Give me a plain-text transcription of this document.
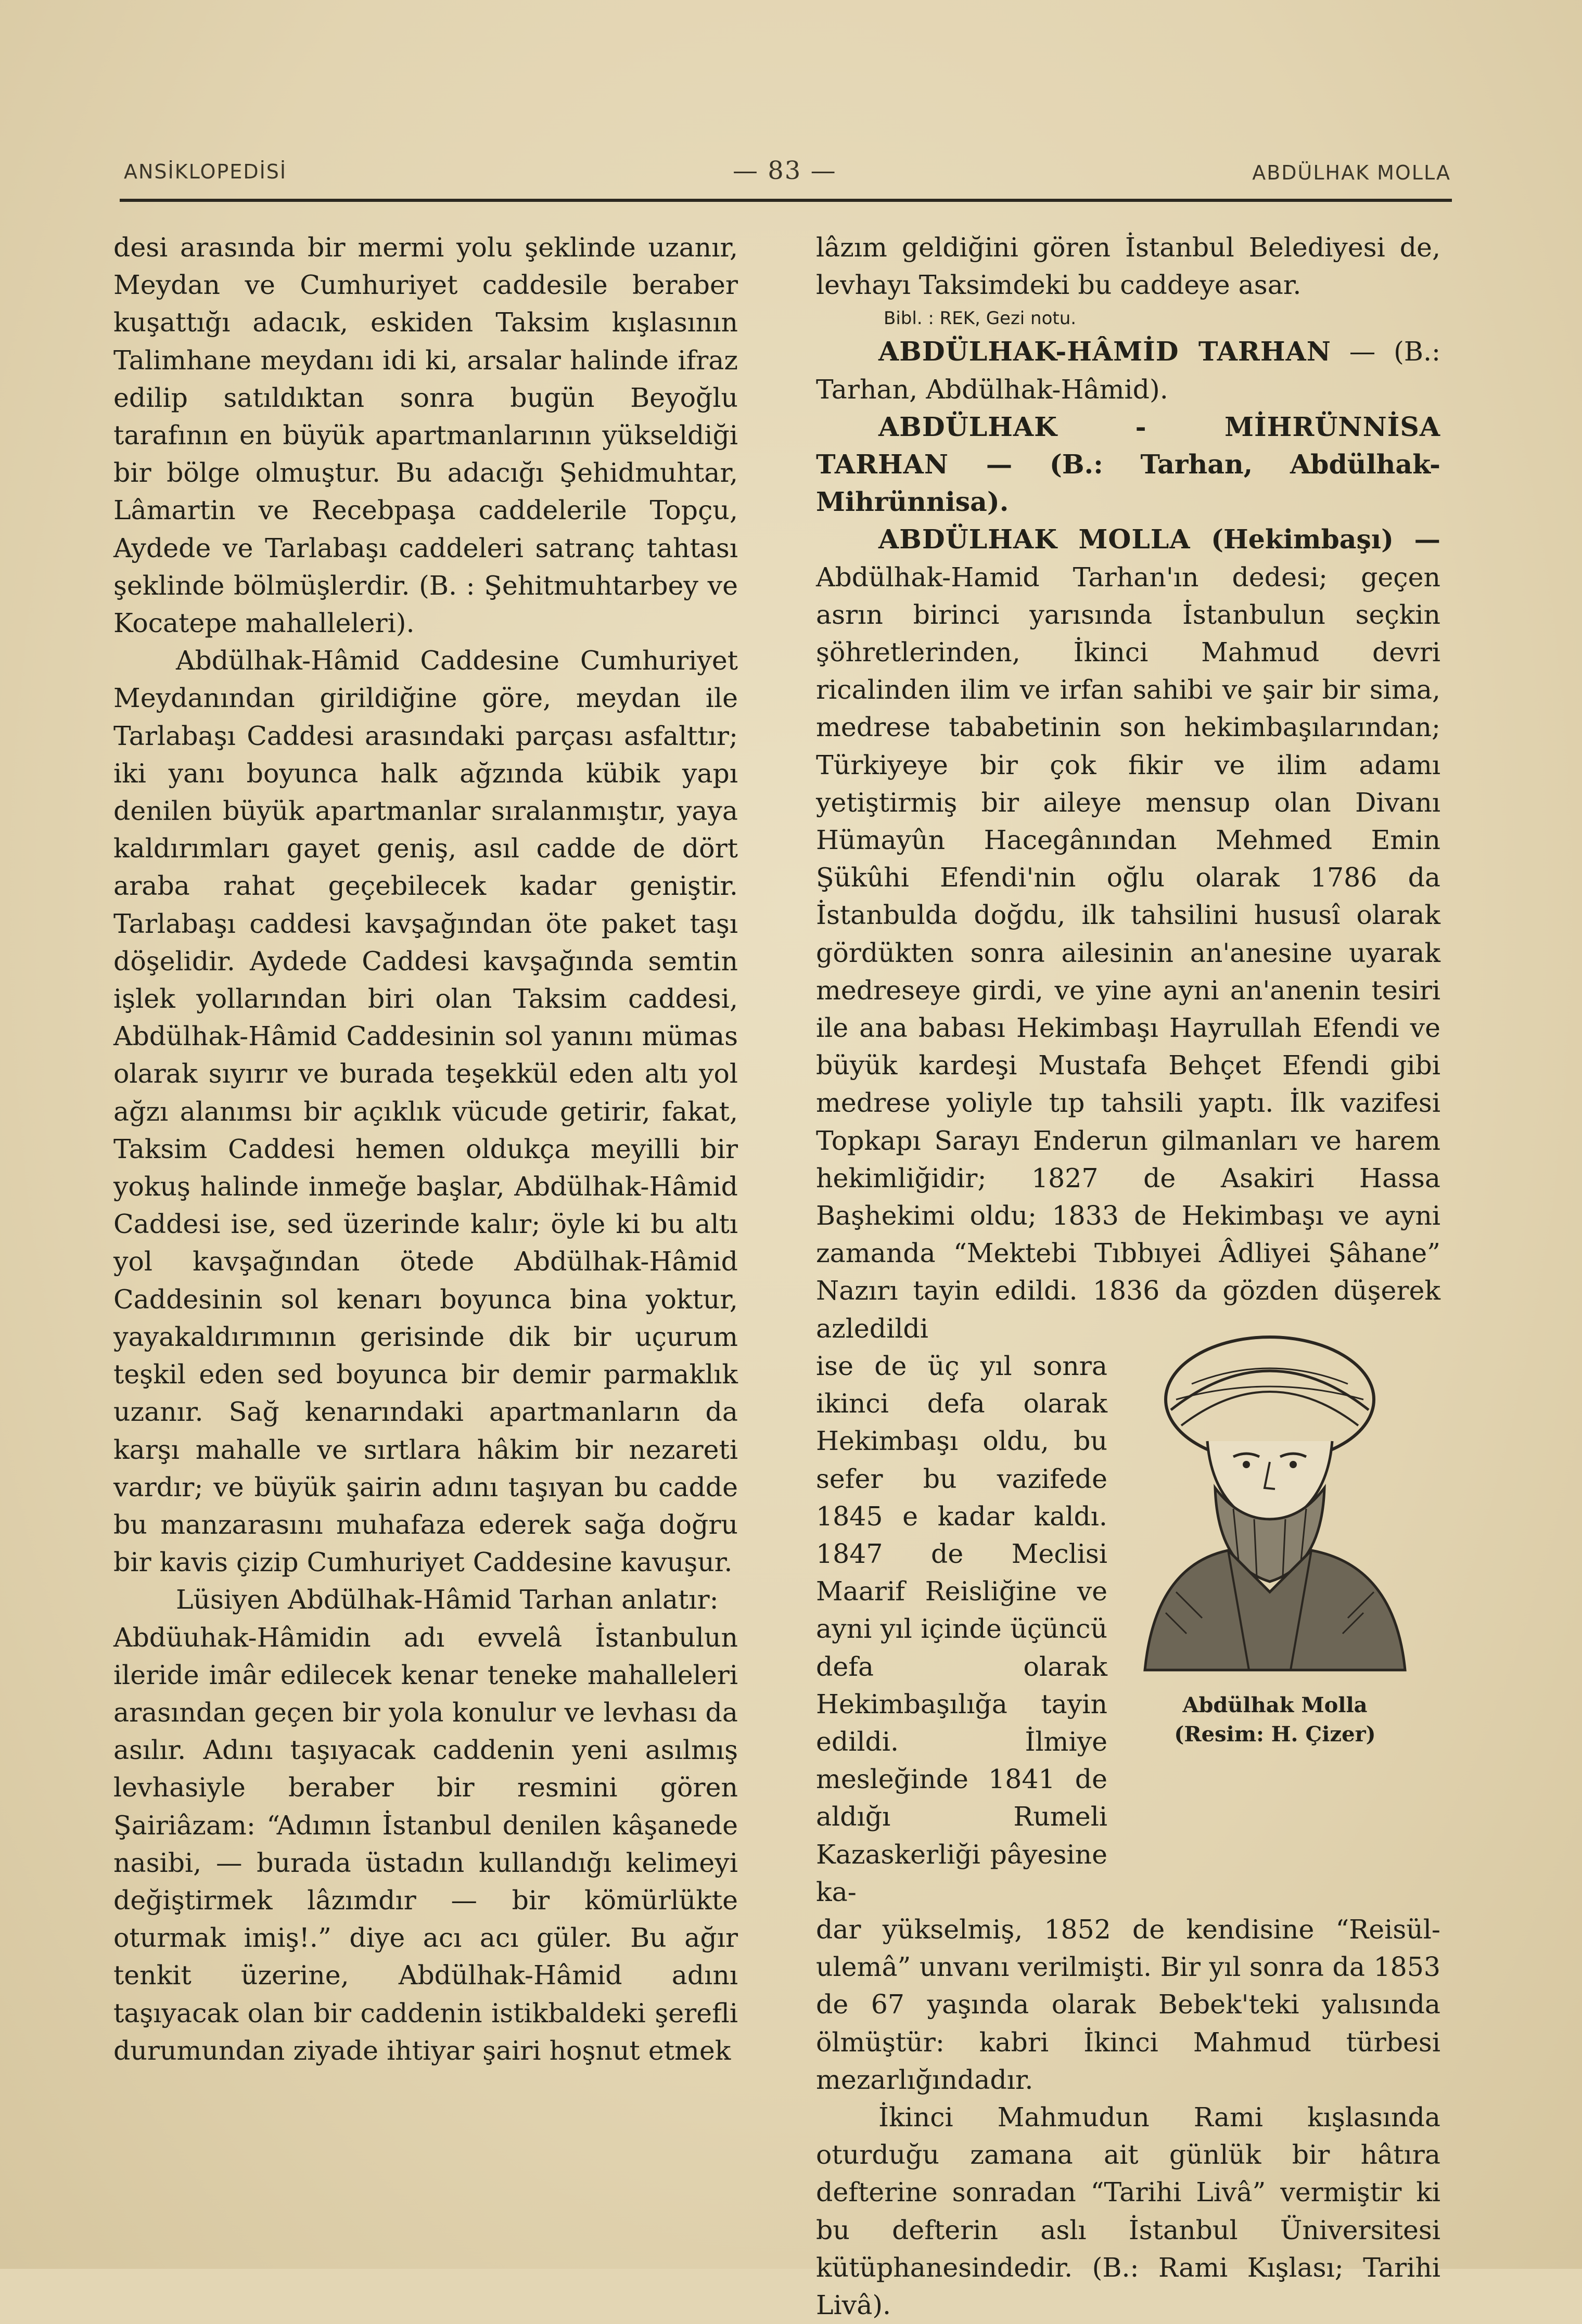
ANSİKLOPEDİSİ	— 83 —	ABDÜLHAK MOLLA

desi arasında bir mermi yolu şeklinde uzanır, Meydan ve Cumhuriyet caddesile beraber kuşattığı adacık, eskiden Taksim kışlasının Talimhane meydanı idi ki, arsalar halinde ifraz edilip satıldıktan sonra bugün Beyoğlu tarafının en büyük apartmanlarının yükseldiği bir bölge olmuştur. Bu adacığı Şehidmuhtar, Lâmartin ve Recebpaşa caddelerile Topçu, Aydede ve Tarlabaşı caddeleri satranç tahtası şeklinde bölmüşlerdir. (B. : Şehitmuhtarbey ve Kocatepe mahalleleri).

Abdülhak-Hâmid Caddesine Cumhuriyet Meydanından girildiğine göre, meydan ile Tarlabaşı Caddesi arasındaki parçası asfalttır; iki yanı boyunca halk ağzında kübik yapı denilen büyük apartmanlar sıralanmıştır, yaya kaldırımları gayet geniş, asıl cadde de dört araba rahat geçebilecek kadar geniştir. Tarlabaşı caddesi kavşağından öte paket taşı döşelidir. Aydede Caddesi kavşağında semtin işlek yollarından biri olan Taksim caddesi, Abdülhak-Hâmid Caddesinin sol yanını mümas olarak sıyırır ve burada teşekkül eden altı yol ağzı alanımsı bir açıklık vücude getirir, fakat, Taksim Caddesi hemen oldukça meyilli bir yokuş halinde inmeğe başlar, Abdülhak-Hâmid Caddesi ise, sed üzerinde kalır; öyle ki bu altı yol kavşağından ötede Abdülhak-Hâmid Caddesinin sol kenarı boyunca bina yoktur, yayakaldırımının gerisinde dik bir uçurum teşkil eden sed boyunca bir demir parmaklık uzanır. Sağ kenarındaki apartmanların da karşı mahalle ve sırtlara hâkim bir nezareti vardır; ve büyük şairin adını taşıyan bu cadde bu manzarasını muhafaza ederek sağa doğru bir kavis çizip Cumhuriyet Caddesine kavuşur.

Lüsiyen Abdülhak-Hâmid Tarhan anlatır:

Abdüuhak-Hâmidin adı evvelâ İstanbulun ileride imâr edilecek kenar teneke mahalleleri arasından geçen bir yola konulur ve levhası da asılır. Adını taşıyacak caddenin yeni asılmış levhasiyle beraber bir resmini gören Şairiâzam: “Adımın İstanbul denilen kâşanede nasibi, — burada üstadın kullandığı kelimeyi değiştirmek lâzımdır — bir kömürlükte oturmak imiş!.” diye acı acı güler. Bu ağır tenkit üzerine, Abdülhak-Hâmid adını taşıyacak olan bir caddenin istikbaldeki şerefli durumundan ziyade ihtiyar şairi hoşnut etmek

lâzım geldiğini gören İstanbul Belediyesi de, levhayı Taksimdeki bu caddeye asar.

Bibl. : REK, Gezi notu.

ABDÜLHAK-HÂMİD TARHAN — (B.: Tarhan, Abdülhak-Hâmid).

ABDÜLHAK - MİHRÜNNİSA TARHAN — (B.: Tarhan, Abdülhak-Mihrünnisa).

ABDÜLHAK MOLLA (Hekimbaşı) — Abdülhak-Hamid Tarhan'ın dedesi; geçen asrın birinci yarısında İstanbulun seçkin şöhretlerinden, İkinci Mahmud devri ricalinden ilim ve irfan sahibi ve şair bir sima, medrese tababetinin son hekimbaşılarından; Türkiyeye bir çok fikir ve ilim adamı yetiştirmiş bir aileye mensup olan Divanı Hümayûn Hacegânından Mehmed Emin Şükûhi Efendi'nin oğlu olarak 1786 da İstanbulda doğdu, ilk tahsilini hususî olarak gördükten sonra ailesinin an'anesine uyarak medreseye girdi, ve yine ayni an'anenin tesiri ile ana babası Hekimbaşı Hayrullah Efendi ve büyük kardeşi Mustafa Behçet Efendi gibi medrese yoliyle tıp tahsili yaptı. İlk vazifesi Topkapı Sarayı Enderun gilmanları ve harem hekimliğidir; 1827 de Asakiri Hassa Başhekimi oldu; 1833 de Hekimbaşı ve ayni zamanda “Mektebi Tıbbıyei Âdliyei Şâhane” Nazırı tayin edildi. 1836 da gözden düşerek azledildi

ise de üç yıl sonra ikinci defa olarak Hekimbaşı oldu, bu sefer bu vazifede 1845 e kadar kaldı. 1847 de Meclisi Maarif Reisliğine ve ayni yıl içinde üçüncü defa olarak Hekimbaşılığa tayin edildi. İlmiye mesleğinde 1841 de aldığı Rumeli Kazaskerliği pâyesine ka-

dar yükselmiş, 1852 de kendisine “Reisül-ulemâ” unvanı verilmişti. Bir yıl sonra da 1853 de 67 yaşında olarak Bebek'teki yalısında ölmüştür: kabri İkinci Mahmud türbesi mezarlığındadır.

İkinci Mahmudun Rami kışlasında oturduğu zamana ait günlük bir hâtıra defterine sonradan “Tarihi Livâ” vermiştir ki bu defterin aslı İstanbul Üniversitesi kütüphanesindedir. (B.: Rami Kışlası; Tarihi Livâ).

Abdülhak Molla
(Resim: H. Çizer)
